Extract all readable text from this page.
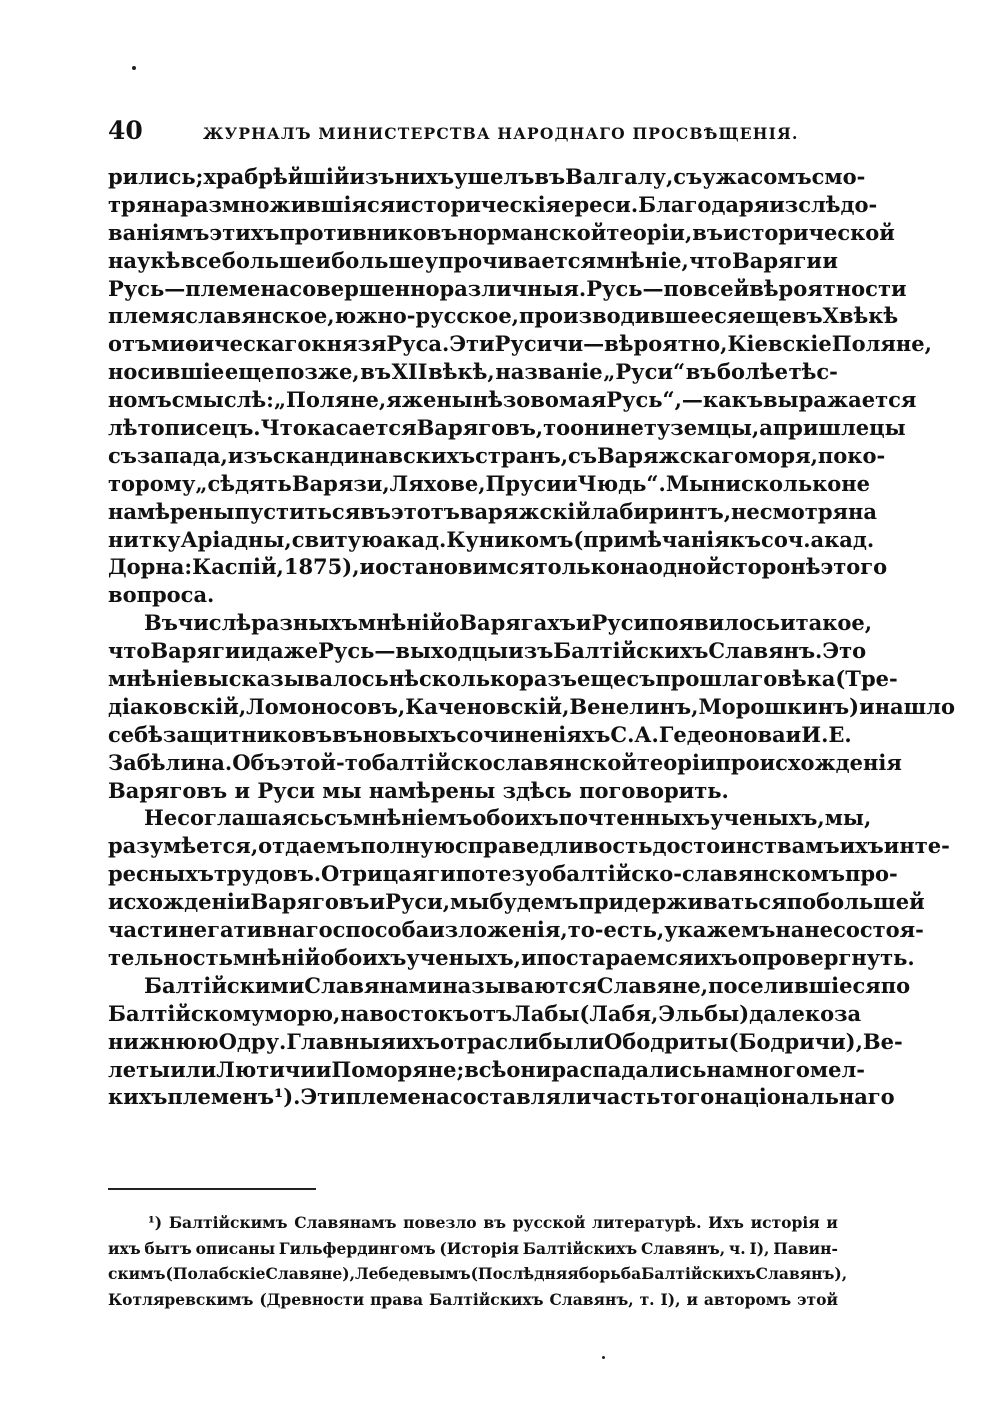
40	ЖУРНАЛЪ МИНИСТЕРСТВА НАРОДНАГО ПРОСВѢЩЕНІЯ.
рились; храбрѣйшій изъ нихъ ушелъ въ Валгалу, съ ужасомъ смо-
тря на размножившіяся историческія ереси. Благодаря изслѣдо-
ваніямъ этихъ противниковъ норманской теоріи, въ исторической
наукѣ все больше и больше упрочивается мнѣніе, что Варяги и
Русь—племена совершенно различныя. Русь—по всей вѣроятности
племя славянское, южно-русское, производившееся еще въ X вѣкѣ
отъ миѳическаго князя Руса. Эти Русичи—вѣроятно, Кіевскіе Поляне,
носившіе еще позже, въ XII вѣкѣ, названіе „Руси“ въ болѣе тѣс-
номъ смыслѣ: „Поляне, яже нынѣ зовомая Русь“,—какъ выражается
лѣтописецъ. Что касается Варяговъ, то они не туземцы, а пришлецы
съ запада, изъ скандинавскихъ странъ, съ Варяжскаго моря, по ко-
торому „сѣдять Варязи, Ляхове, Пруси и Чюдь“. Мы нисколько не
намѣрены пуститься въ этотъ варяжскій лабиринтъ, не смотря на
нитку Аріадны, свитую акад. Куникомъ (примѣчанія къ соч. акад.
Дорна: Каспій, 1875), и остановимся только на одной сторонѣ этого
вопроса.
Въ числѣ разныхъ мнѣній о Варягахъ и Руси появилось и такое,
что Варяги и даже Русь—выходцы изъ Балтійскихъ Славянъ. Это
мнѣніе высказывалось нѣсколько разъ еще съ прошлаго вѣка (Тре-
діаковскій, Ломоносовъ, Каченовскій, Венелинъ, Морошкинъ) и нашло
себѣ защитниковъ въ новыхъ сочиненіяхъ С. А. Гедеонова и И. Е.
Забѣлина. Объ этой-то балтійскославянской теоріи происхожденія
Варяговъ и Руси мы намѣрены здѣсь поговорить.
Не соглашаясь съ мнѣніемъ обоихъ почтенныхъ ученыхъ, мы,
разумѣется, отдаемъ полную справедливость достоинствамъ ихъ инте-
ресныхъ трудовъ. Отрицая гипотезу о балтійско-славянскомъ про-
исхожденіи Варяговъ и Руси, мы будемъ придерживаться по большей
части негативнаго способа изложенія, то-есть, укажемъ на несостоя-
тельность мнѣній обоихъ ученыхъ, и постараемся ихъ опровергнуть.
Балтійскими Славянами называются Славяне, поселившіеся по
Балтійскому морю, на востокъ отъ Лабы (Лабя, Эльбы) далеко за
нижнюю Одру. Главныя ихъ отрасли были Ободриты (Бодричи), Ве-
леты или Лютичи и Поморяне; всѣ они распадались на много мел-
кихъ племенъ ¹). Эти племена составляли часть того національнаго
¹) Балтійскимъ Славянамъ повезло въ русской литературѣ. Ихъ исторія и
ихъ бытъ описаны Гильфердингомъ (Исторія Балтійскихъ Славянъ, ч. I), Павин-
скимъ (Полабскіе Славяне), Лебедевымъ (Послѣдняя борьба Балтійскихъ Славянъ),
Котляревскимъ (Древности права Балтійскихъ Славянъ, т. I), и авторомъ этой
